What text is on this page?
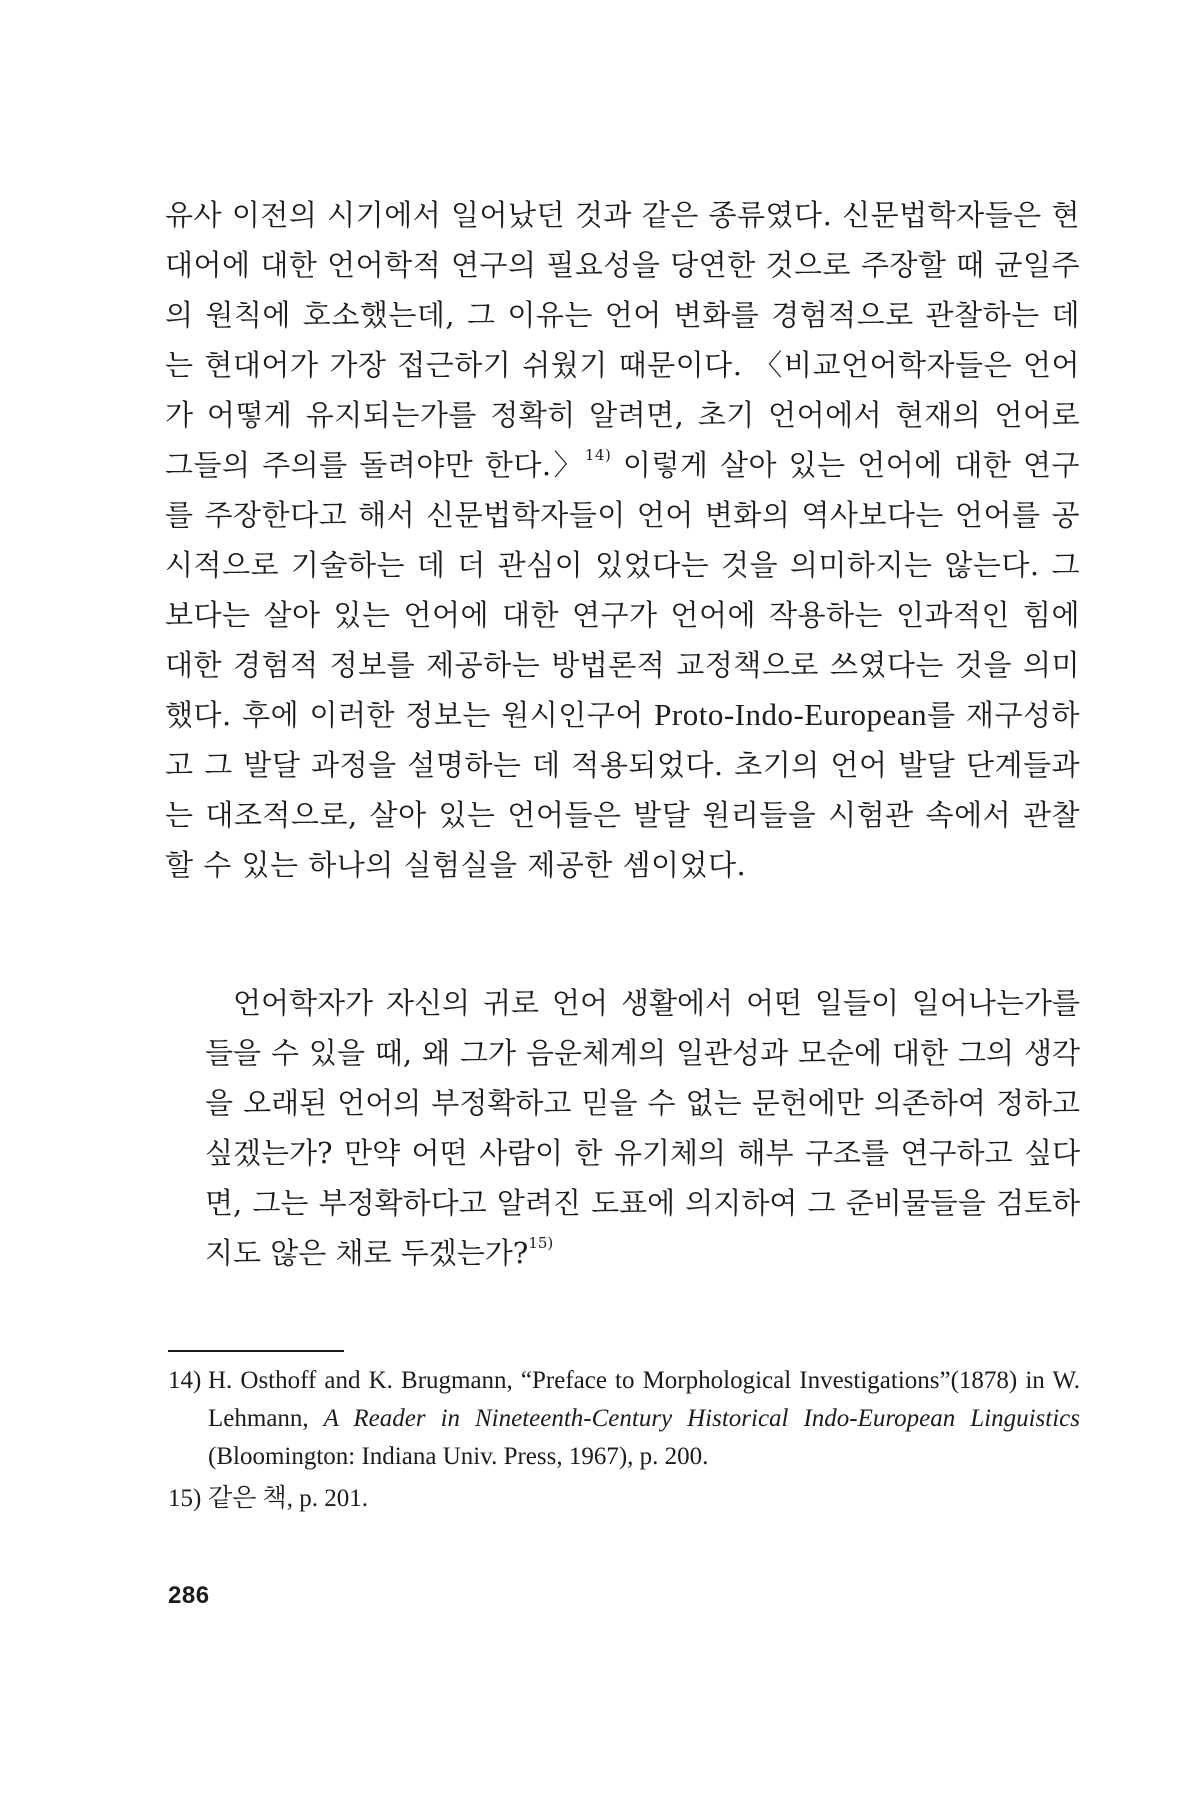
유사 이전의 시기에서 일어났던 것과 같은 종류였다. 신문법학자들은 현대어에 대한 언어학적 연구의 필요성을 당연한 것으로 주장할 때 균일주의 원칙에 호소했는데, 그 이유는 언어 변화를 경험적으로 관찰하는 데는 현대어가 가장 접근하기 쉬웠기 때문이다. 〈비교언어학자들은 언어가 어떻게 유지되는가를 정확히 알려면, 초기 언어에서 현재의 언어로 그들의 주의를 돌려야만 한다.〉$^{14)}$ 이렇게 살아 있는 언어에 대한 연구를 주장한다고 해서 신문법학자들이 언어 변화의 역사보다는 언어를 공시적으로 기술하는 데 더 관심이 있었다는 것을 의미하지는 않는다. 그보다는 살아 있는 언어에 대한 연구가 언어에 작용하는 인과적인 힘에 대한 경험적 정보를 제공하는 방법론적 교정책으로 쓰였다는 것을 의미했다. 후에 이러한 정보는 원시인구어 Proto-Indo-European를 재구성하고 그 발달 과정을 설명하는 데 적용되었다. 초기의 언어 발달 단계들과는 대조적으로, 살아 있는 언어들은 발달 원리들을 시험관 속에서 관찰할 수 있는 하나의 실험실을 제공한 셈이었다.

언어학자가 자신의 귀로 언어 생활에서 어떤 일들이 일어나는가를 들을 수 있을 때, 왜 그가 음운체계의 일관성과 모순에 대한 그의 생각을 오래된 언어의 부정확하고 믿을 수 없는 문헌에만 의존하여 정하고 싶겠는가? 만약 어떤 사람이 한 유기체의 해부 구조를 연구하고 싶다면, 그는 부정확하다고 알려진 도표에 의지하여 그 준비물들을 검토하지도 않은 채로 두겠는가?$^{15)}$

14) H. Osthoff and K. Brugmann, “Preface to Morphological Investigations”(1878) in W. Lehmann, A Reader in Nineteenth-Century Historical Indo-European Linguistics (Bloomington: Indiana Univ. Press, 1967), p. 200.
15) 같은 책, p. 201.
286
